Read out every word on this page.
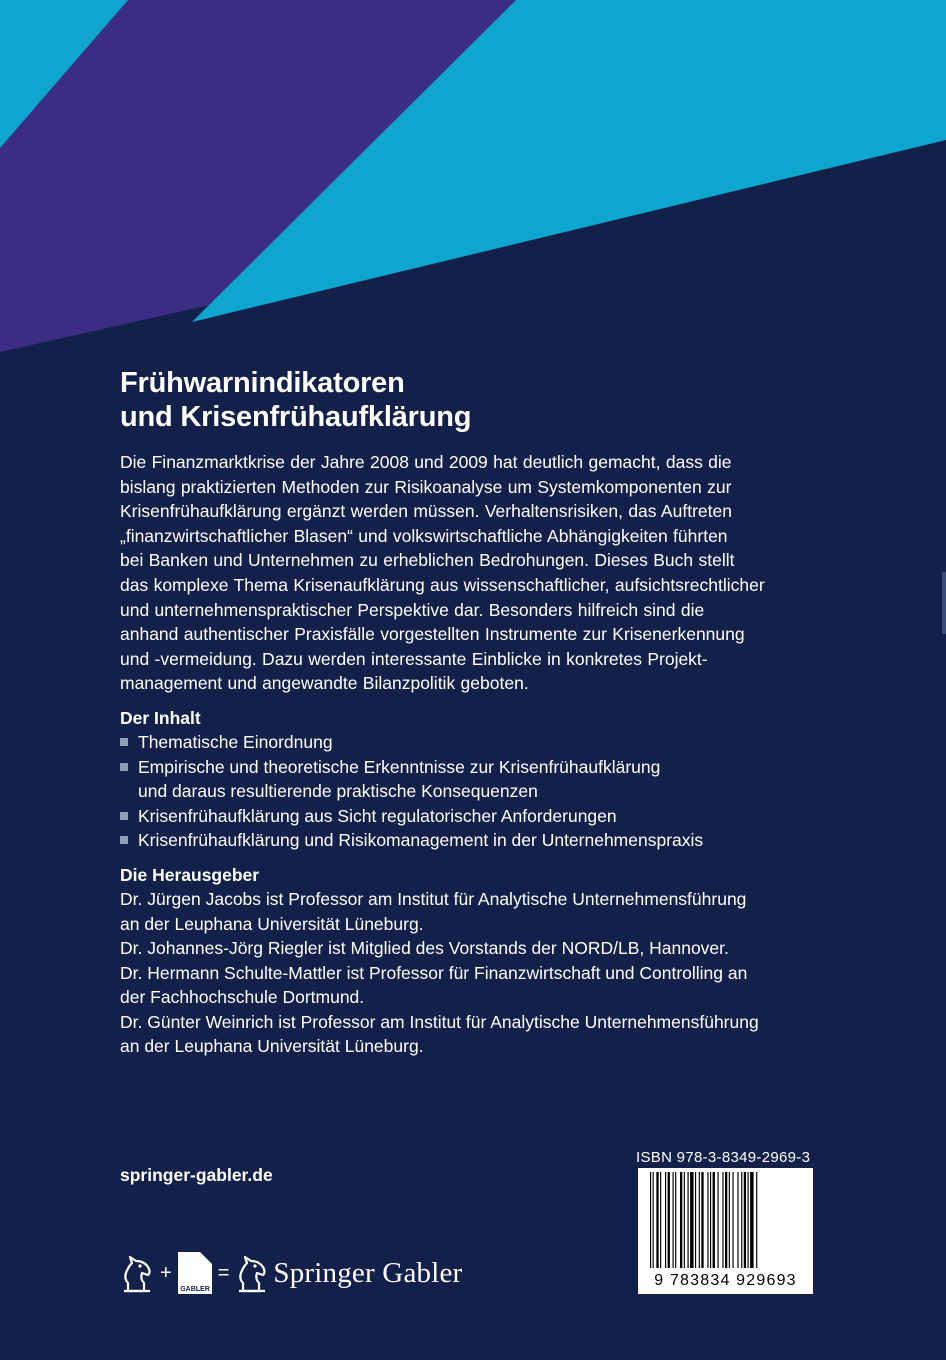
Frühwarnindikatoren
und Krisenfrühaufklärung

Die Finanzmarktkrise der Jahre 2008 und 2009 hat deutlich gemacht, dass die
bislang praktizierten Methoden zur Risikoanalyse um Systemkomponenten zur
Krisenfrühaufklärung ergänzt werden müssen. Verhaltensrisiken, das Auftreten
„finanzwirtschaftlicher Blasen“ und volkswirtschaftliche Abhängigkeiten führten
bei Banken und Unternehmen zu erheblichen Bedrohungen. Dieses Buch stellt
das komplexe Thema Krisenaufklärung aus wissenschaftlicher, aufsichtsrechtlicher
und unternehmenspraktischer Perspektive dar. Besonders hilfreich sind die
anhand authentischer Praxisfälle vorgestellten Instrumente zur Krisenerkennung
und -vermeidung. Dazu werden interessante Einblicke in konkretes Projekt-
management und angewandte Bilanzpolitik geboten.

Der Inhalt
Thematische Einordnung
Empirische und theoretische Erkenntnisse zur Krisenfrühaufklärung
und daraus resultierende praktische Konsequenzen
Krisenfrühaufklärung aus Sicht regulatorischer Anforderungen
Krisenfrühaufklärung und Risikomanagement in der Unternehmenspraxis
Die Herausgeber

Dr. Jürgen Jacobs ist Professor am Institut für Analytische Unternehmensführung
an der Leuphana Universität Lüneburg.
Dr. Johannes-Jörg Riegler ist Mitglied des Vorstands der NORD/LB, Hannover.
Dr. Hermann Schulte-Mattler ist Professor für Finanzwirtschaft und Controlling an
der Fachhochschule Dortmund.
Dr. Günter Weinrich ist Professor am Institut für Analytische Unternehmensführung
an der Leuphana Universität Lüneburg.

springer-gabler.de
+
GABLER
= Springer Gabler
ISBN 978-3-8349-2969-3
9 783834 929693
